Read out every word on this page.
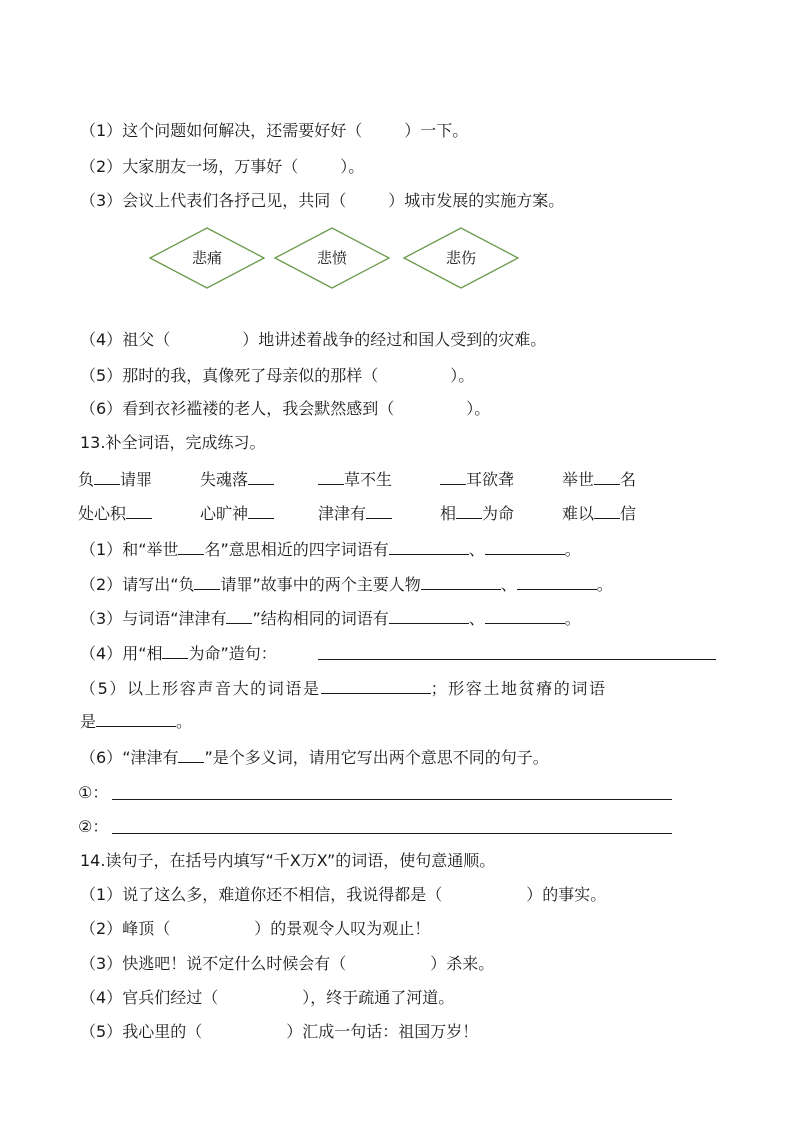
（1）这个问题如何解决，还需要好好（	）一下。
（2）大家朋友一场，万事好（	）。
（3）会议上代表们各抒己见，共同（	）城市发展的实施方案。
悲痛	悲愤	悲伤
（4）祖父（	）地讲述着战争的经过和国人受到的灾难。
（5）那时的我，真像死了母亲似的那样（	）。
（6）看到衣衫褴褛的老人，我会默然感到（	）。
13.补全词语，完成练习。
负 请罪	失魂落	草不生	耳欲聋	举世 名
处心积	心旷神	津津有	相 为命	难以 信
（1）和“举世 名”意思相近的四字词语有	、	。
（2）请写出“负 请罪”故事中的两个主要人物	、	。
（3）与词语“津津有 ”结构相同的词语有	、	。
（4）用“相 为命”造句：
（5）以上形容声音大的词语是	；形容土地贫瘠的词语
是	。
（6）“津津有 ”是个多义词，请用它写出两个意思不同的句子。
①：
②：
14.读句子，在括号内填写“千X万X”的词语，使句意通顺。
（1）说了这么多，难道你还不相信，我说得都是（	）的事实。
（2）峰顶（	）的景观令人叹为观止！
（3）快逃吧！说不定什么时候会有（	）杀来。
（4）官兵们经过（	），终于疏通了河道。
（5）我心里的（	）汇成一句话：祖国万岁！
